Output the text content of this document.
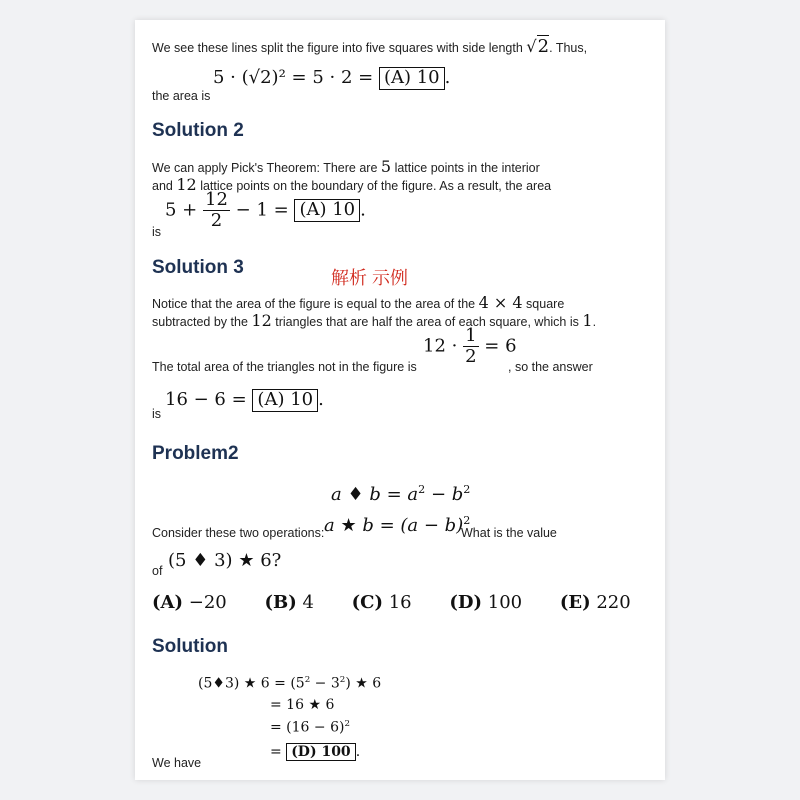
We see these lines split the figure into five squares with side length √2. Thus,
the area is
5 · (√2)² = 5 · 2 = (A) 10 .
Solution 2
We can apply Pick's Theorem: There are 5 lattice points in the interior
and 12 lattice points on the boundary of the figure. As a result, the area
is
$5 + \frac{12}{2} - 1 = (A)$ 10 .
Solution 3	解析 示例
Notice that the area of the figure is equal to the area of the 4 × 4 square
subtracted by the 12 triangles that are half the area of each square, which is 1.
The total area of the triangles not in the figure is
$12 \cdot \frac{1}{2} = 6$
, so the answer
is
16 − 6 = (A) 10 .
Problem2
a ♦ $b = a^2 - b^2$
a ★ $b = (a - b)^2$
Consider these two operations:	What is the value
of (5 ♦ 3) ★ 6?
(A) −20 (B) 4 (C) 16 (D) 100 (E) 220
Solution
(5♦3) ★ $6 = (5^2 - 3^2)$ ★ 6
= 16 ★ 6
= $(16 - 6)^2$
= (D) 100 .
We have
